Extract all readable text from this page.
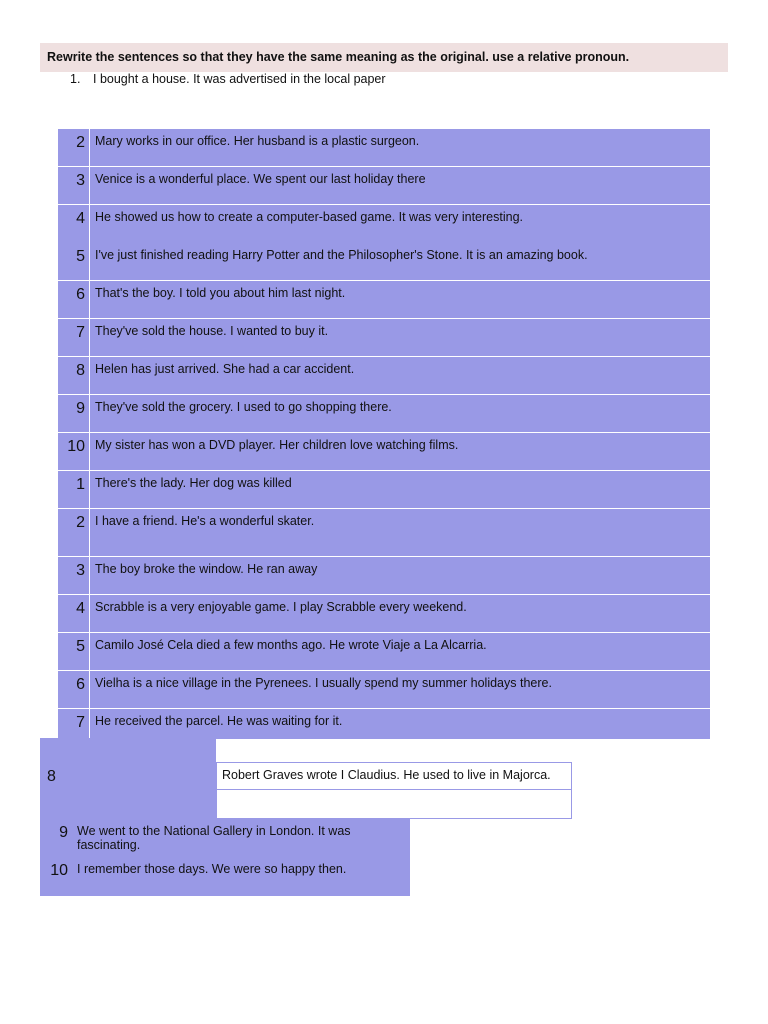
Rewrite the sentences so that they have the same meaning as the original. use a relative pronoun.
1. I bought a house. It was advertised in the local paper
2 Mary works in our office. Her husband is a plastic surgeon.
3 Venice is a wonderful place. We spent our last holiday there
4 He showed us how to create a computer-based game. It was very interesting.
5 I've just finished reading Harry Potter and the Philosopher's Stone. It is an amazing book.
6 That's the boy. I told you about him last night.
7 They've sold the house. I wanted to buy it.
8 Helen has just arrived. She had a car accident.
9 They've sold the grocery. I used to go shopping there.
10 My sister has won a DVD player. Her children love watching films.
1 There's the lady. Her dog was killed
2 I have a friend. He's a wonderful skater.
3 The boy broke the window. He ran away
4 Scrabble is a very enjoyable game. I play Scrabble every weekend.
5 Camilo José Cela died a few months ago. He wrote Viaje a La Alcarria.
6 Vielha is a nice village in the Pyrenees. I usually spend my summer holidays there.
7 He received the parcel. He was waiting for it.
8	Robert Graves wrote I Claudius. He used to live in Majorca.
9 We went to the National Gallery in London. It was fascinating.
10 I remember those days. We were so happy then.
